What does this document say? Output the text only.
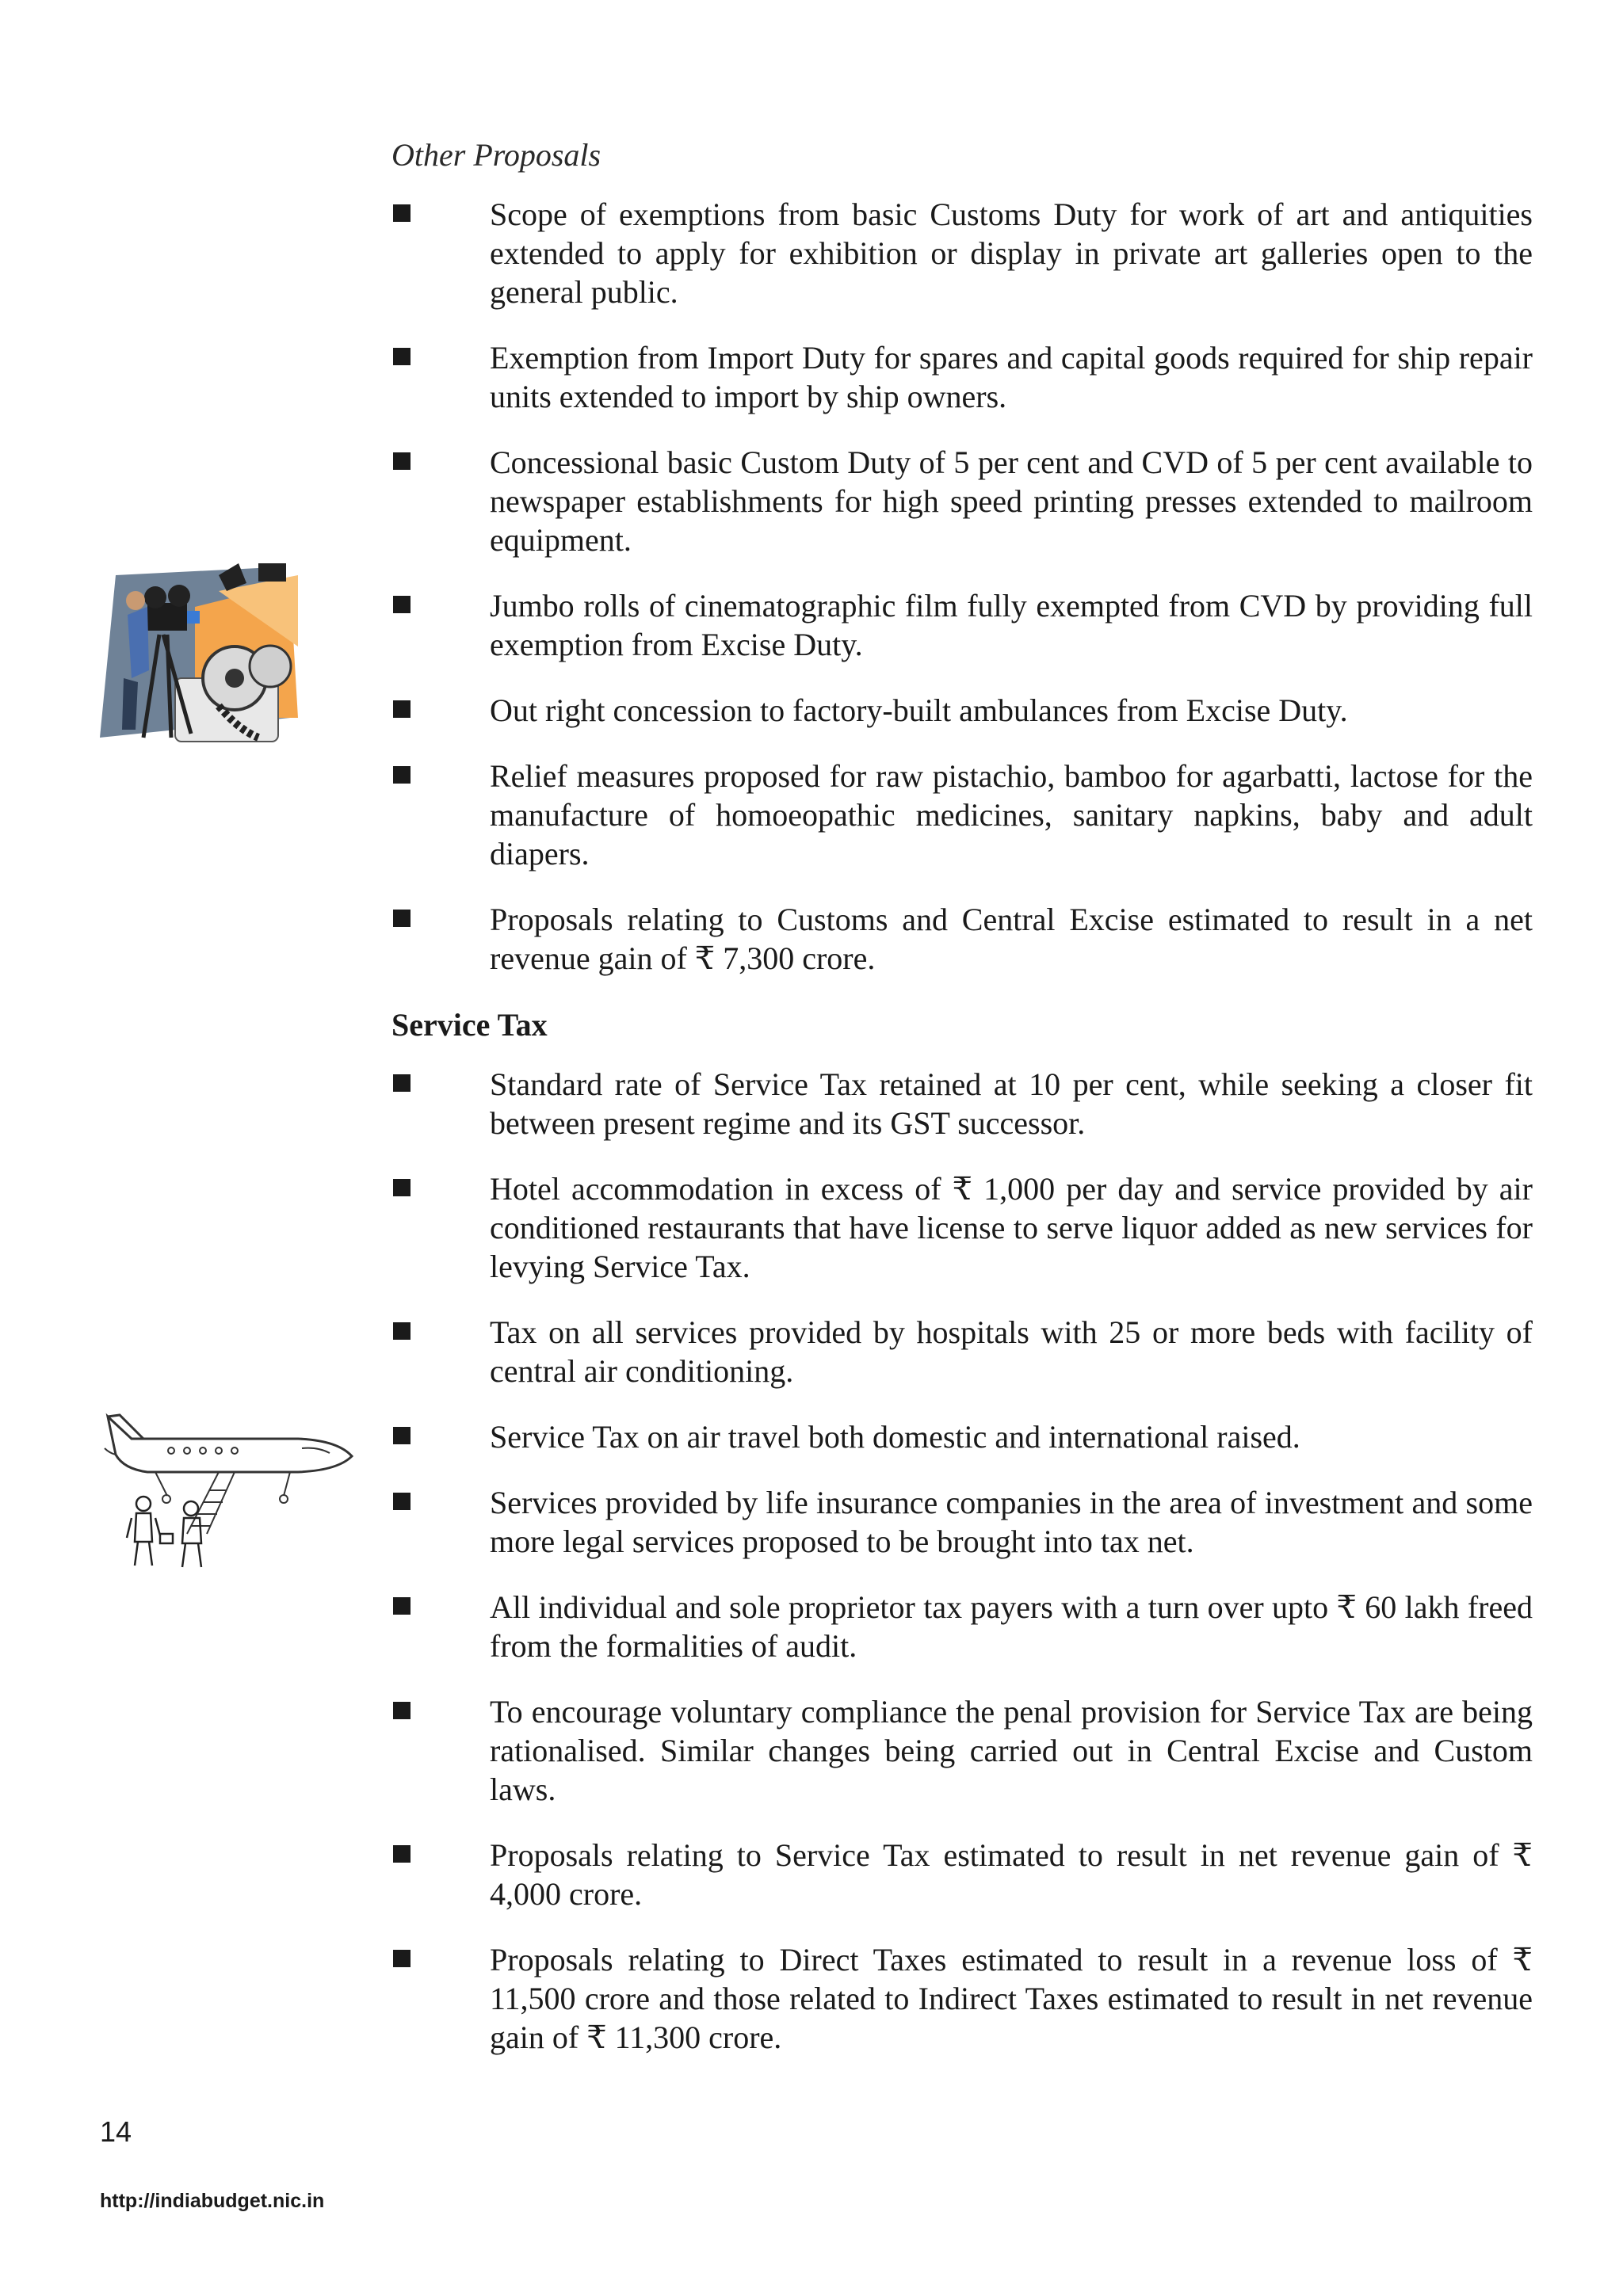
Other Proposals
Scope of exemptions from basic Customs Duty for work of art and antiquities extended to apply for exhibition or display in private art galleries open to the general public.
Exemption from Import Duty for spares and capital goods required for ship repair units extended to import by ship owners.
Concessional basic Custom Duty of 5 per cent and CVD of 5 per cent available to newspaper establishments for high speed printing presses extended to mailroom equipment.
Jumbo rolls of cinematographic film fully exempted from CVD by providing full exemption from Excise Duty.
Out right concession to factory-built ambulances from Excise Duty.
Relief measures proposed for raw pistachio, bamboo for agarbatti, lactose for the manufacture of homoeopathic medicines, sanitary napkins, baby and adult diapers.
Proposals relating to Customs and Central Excise estimated to result in a net revenue gain of ₹ 7,300 crore.
Service Tax
Standard rate of Service Tax retained at 10 per cent, while seeking a closer fit between present regime and its GST successor.
Hotel accommodation in excess of ₹ 1,000 per day and service provided by air conditioned restaurants that have license to serve liquor added as new services for levying Service Tax.
Tax on all services provided by hospitals with 25 or more beds with facility of central air conditioning.
Service Tax on air travel both domestic and international raised.
Services provided by life insurance companies in the area of investment and some more legal services proposed to be brought into tax net.
All individual and sole proprietor tax payers with a turn over upto ₹ 60 lakh freed from the formalities of audit.
To encourage voluntary compliance the penal provision for Service Tax are being rationalised. Similar changes being carried out in Central Excise and Custom laws.
Proposals relating to Service Tax estimated to result in net revenue gain of ₹ 4,000 crore.
Proposals relating to Direct Taxes estimated to result in a revenue loss of ₹ 11,500 crore and those related to Indirect Taxes estimated to result in net revenue gain of ₹ 11,300 crore.
14
http://indiabudget.nic.in
